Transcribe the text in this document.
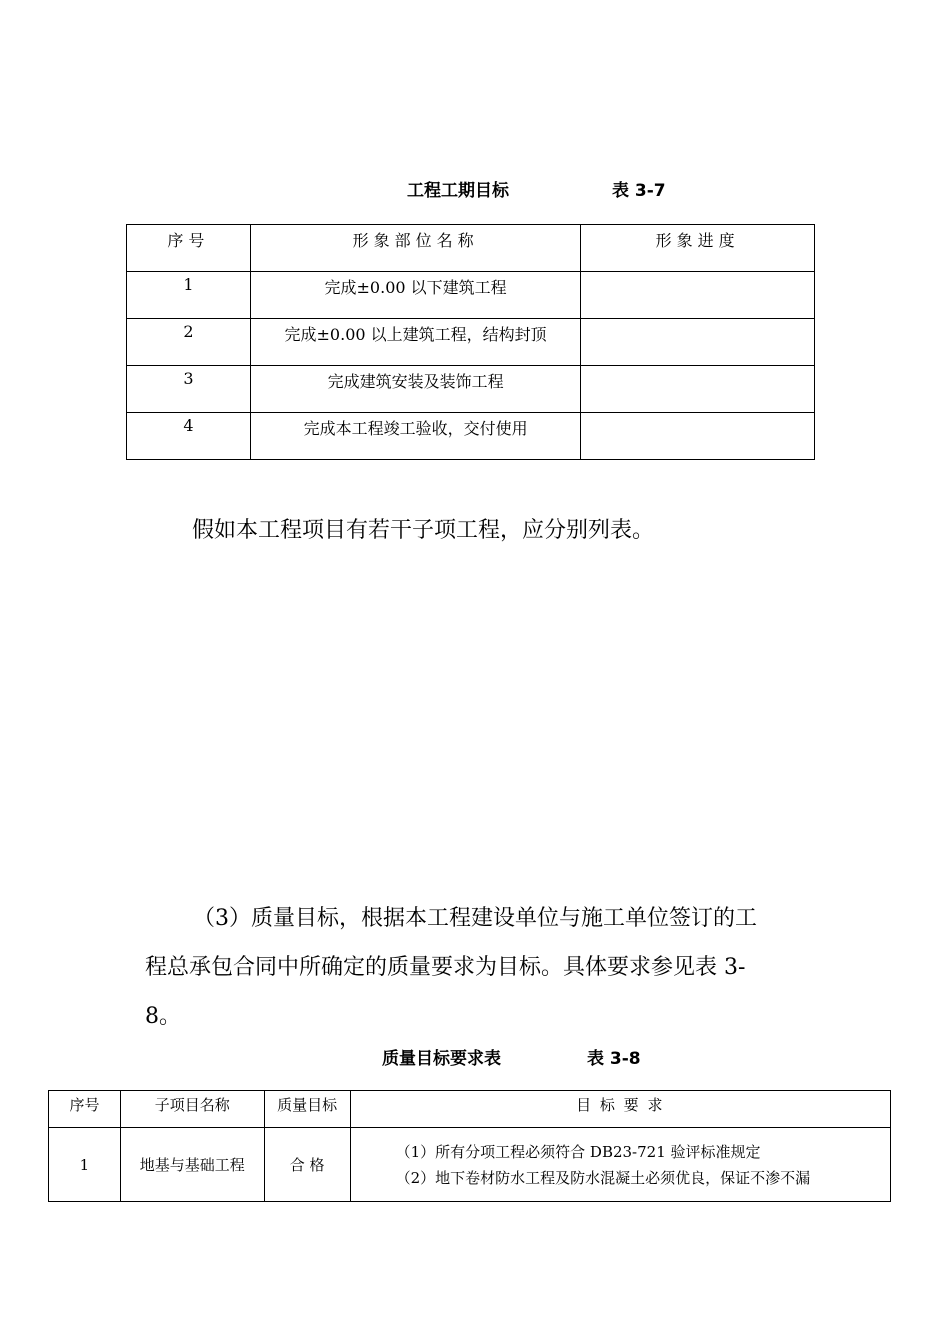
工程工期目标	表 3-7
序号	形象部位名称	形象进度
1	完成±0.00 以下建筑工程	
2	完成±0.00 以上建筑工程，结构封顶	
3	完成建筑安装及装饰工程	
4	完成本工程竣工验收，交付使用	
假如本工程项目有若干子项工程，应分别列表。
（3）质量目标，根据本工程建设单位与施工单位签订的工
程总承包合同中所确定的质量要求为目标。具体要求参见表 3-
8。
质量目标要求表	表 3-8
序号	子项目名称	质量目标	目 标 要 求
1	地基与基础工程	合 格	（1）所有分项工程必须符合 DB23-721 验评标准规定
（2）地下卷材防水工程及防水混凝土必须优良，保证不渗不漏
